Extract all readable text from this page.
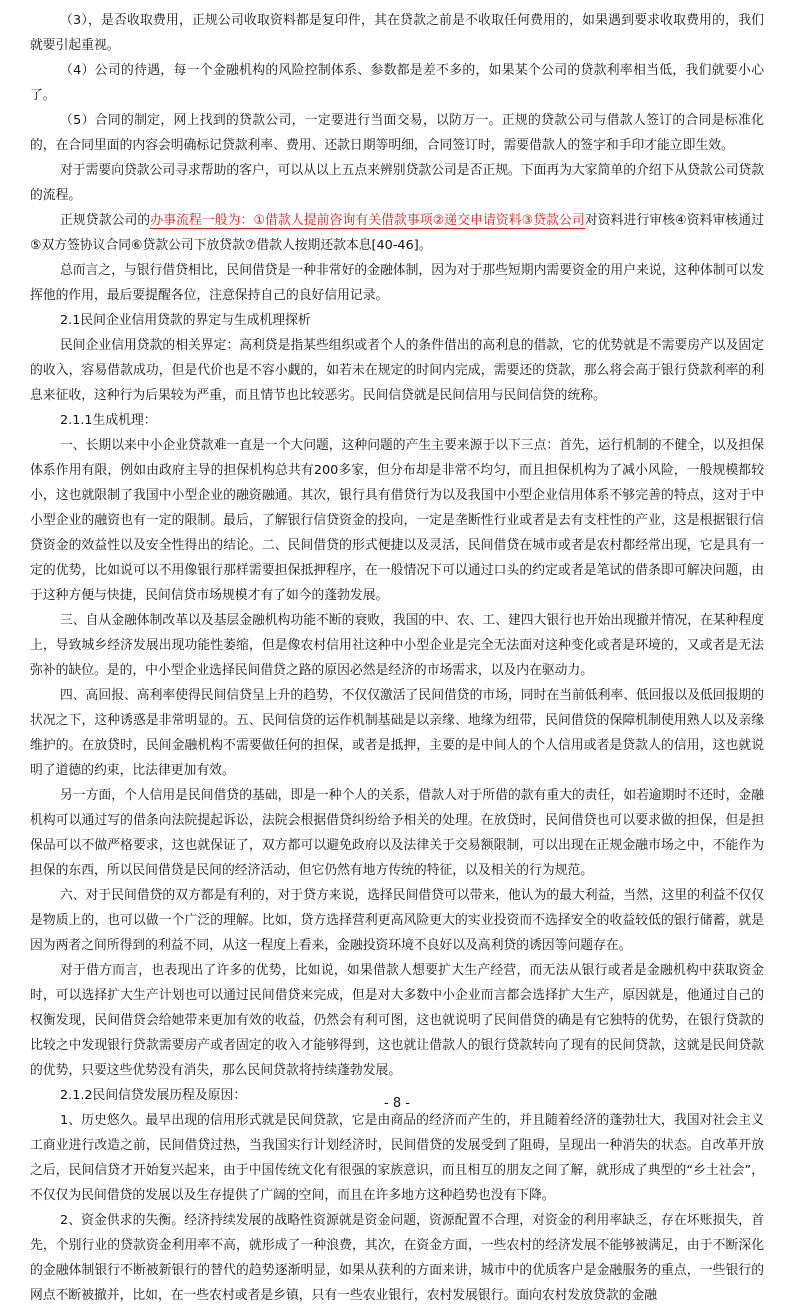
（3），是否收取费用，正规公司收取资料都是复印件，其在贷款之前是不收取任何费用的，如果遇到要求收取费用的，我们就要引起重视。

（4）公司的待遇，每一个金融机构的风险控制体系、参数都是差不多的，如果某个公司的贷款利率相当低，我们就要小心了。

（5）合同的制定，网上找到的贷款公司，一定要进行当面交易，以防万一。正规的贷款公司与借款人签订的合同是标准化的，在合同里面的内容会明确标记贷款利率、费用、还款日期等明细，合同签订时，需要借款人的签字和手印才能立即生效。

对于需要向贷款公司寻求帮助的客户，可以从以上五点来辨别贷款公司是否正规。下面再为大家简单的介绍下从贷款公司贷款的流程。

正规贷款公司的办事流程一般为：①借款人提前咨询有关借款事项②递交申请资料③贷款公司对资料进行审核④资料审核通过⑤双方签协议合同⑥贷款公司下放贷款⑦借款人按期还款本息[40-46]。

总而言之，与银行借贷相比，民间借贷是一种非常好的金融体制，因为对于那些短期内需要资金的用户来说，这种体制可以发挥他的作用，最后要提醒各位，注意保持自己的良好信用记录。

2.1民间企业信用贷款的界定与生成机理探析

民间企业信用贷款的相关界定：高利贷是指某些组织或者个人的条件借出的高利息的借款，它的优势就是不需要房产以及固定的收入，容易借款成功，但是代价也是不容小觑的，如若未在规定的时间内完成，需要还的贷款，那么将会高于银行贷款利率的利息来征收，这种行为后果较为严重，而且情节也比较恶劣。民间信贷就是民间信用与民间信贷的统称。

2.1.1生成机理：

一、长期以来中小企业贷款难一直是一个大问题，这种问题的产生主要来源于以下三点：首先，运行机制的不健全，以及担保体系作用有限，例如由政府主导的担保机构总共有200多家，但分布却是非常不均匀，而且担保机构为了减小风险，一般规模都较小，这也就限制了我国中小型企业的融资融通。其次，银行具有借贷行为以及我国中小型企业信用体系不够完善的特点，这对于中小型企业的融资也有一定的限制。最后，了解银行信贷资金的投向，一定是垄断性行业或者是去有支柱性的产业，这是根据银行信贷资金的效益性以及安全性得出的结论。二、民间借贷的形式便捷以及灵活，民间借贷在城市或者是农村都经常出现，它是具有一定的优势，比如说可以不用像银行那样需要担保抵押程序，在一般情况下可以通过口头的约定或者是笔试的借条即可解决问题，由于这种方便与快捷，民间信贷市场规模才有了如今的蓬勃发展。

三、自从金融体制改革以及基层金融机构功能不断的衰败，我国的中、农、工、建四大银行也开始出现撤并情况，在某种程度上，导致城乡经济发展出现功能性萎缩，但是像农村信用社这种中小型企业是完全无法面对这种变化或者是环境的，又或者是无法弥补的缺位。是的，中小型企业选择民间借贷之路的原因必然是经济的市场需求，以及内在驱动力。

四、高回报、高利率使得民间信贷呈上升的趋势，不仅仅激活了民间借贷的市场，同时在当前低利率、低回报以及低回报期的状况之下，这种诱惑是非常明显的。五、民间信贷的运作机制基础是以亲缘、地缘为纽带，民间借贷的保障机制使用熟人以及亲缘维护的。在放贷时，民间金融机构不需要做任何的担保，或者是抵押，主要的是中间人的个人信用或者是贷款人的信用，这也就说明了道德的约束，比法律更加有效。

另一方面，个人信用是民间借贷的基础，即是一种个人的关系，借款人对于所借的款有重大的责任，如若逾期时不还时，金融机构可以通过写的借条向法院提起诉讼，法院会根据借贷纠纷给予相关的处理。在放贷时，民间借贷也可以要求做的担保，但是担保品可以不做严格要求，这也就保证了，双方都可以避免政府以及法律关于交易额限制，可以出现在正规金融市场之中，不能作为担保的东西，所以民间借贷是民间的经济活动，但它仍然有地方传统的特征，以及相关的行为规范。

六、对于民间借贷的双方都是有利的，对于贷方来说，选择民间借贷可以带来，他认为的最大利益，当然，这里的利益不仅仅是物质上的，也可以做一个广泛的理解。比如，贷方选择营利更高风险更大的实业投资而不选择安全的收益较低的银行储蓄，就是因为两者之间所得到的利益不同，从这一程度上看来，金融投资环境不良好以及高利贷的诱因等问题存在。

对于借方而言，也表现出了许多的优势，比如说，如果借款人想要扩大生产经营，而无法从银行或者是金融机构中获取资金时，可以选择扩大生产计划也可以通过民间借贷来完成，但是对大多数中小企业而言都会选择扩大生产，原因就是，他通过自己的权衡发现，民间借贷会给她带来更加有效的收益，仍然会有利可图，这也就说明了民间借贷的确是有它独特的优势，在银行贷款的比较之中发现银行贷款需要房产或者固定的收入才能够得到，这也就让借款人的银行贷款转向了现有的民间贷款，这就是民间贷款的优势，只要这些优势没有消失，那么民间贷款将持续蓬勃发展。

2.1.2民间信贷发展历程及原因：

1、历史悠久。最早出现的信用形式就是民间贷款，它是由商品的经济而产生的，并且随着经济的蓬勃壮大，我国对社会主义工商业进行改造之前，民间借贷过热，当我国实行计划经济时，民间借贷的发展受到了阻碍，呈现出一种消失的状态。自改革开放之后，民间信贷才开始复兴起来，由于中国传统文化有很强的家族意识，而且相互的朋友之间了解，就形成了典型的“乡土社会”，不仅仅为民间借贷的发展以及生存提供了广阔的空间，而且在许多地方这种趋势也没有下降。

2、资金供求的失衡。经济持续发展的战略性资源就是资金问题，资源配置不合理，对资金的利用率缺乏，存在坏账损失，首先，个别行业的贷款资金利用率不高，就形成了一种浪费，其次，在资金方面，一些农村的经济发展不能够被满足，由于不断深化的金融体制银行不断被新银行的替代的趋势逐渐明显，如果从获利的方面来讲，城市中的优质客户是金融服务的重点，一些银行的网点不断被撤并，比如，在一些农村或者是乡镇，只有一些农业银行，农村发展银行。面向农村发放贷款的金融

- 8 -
